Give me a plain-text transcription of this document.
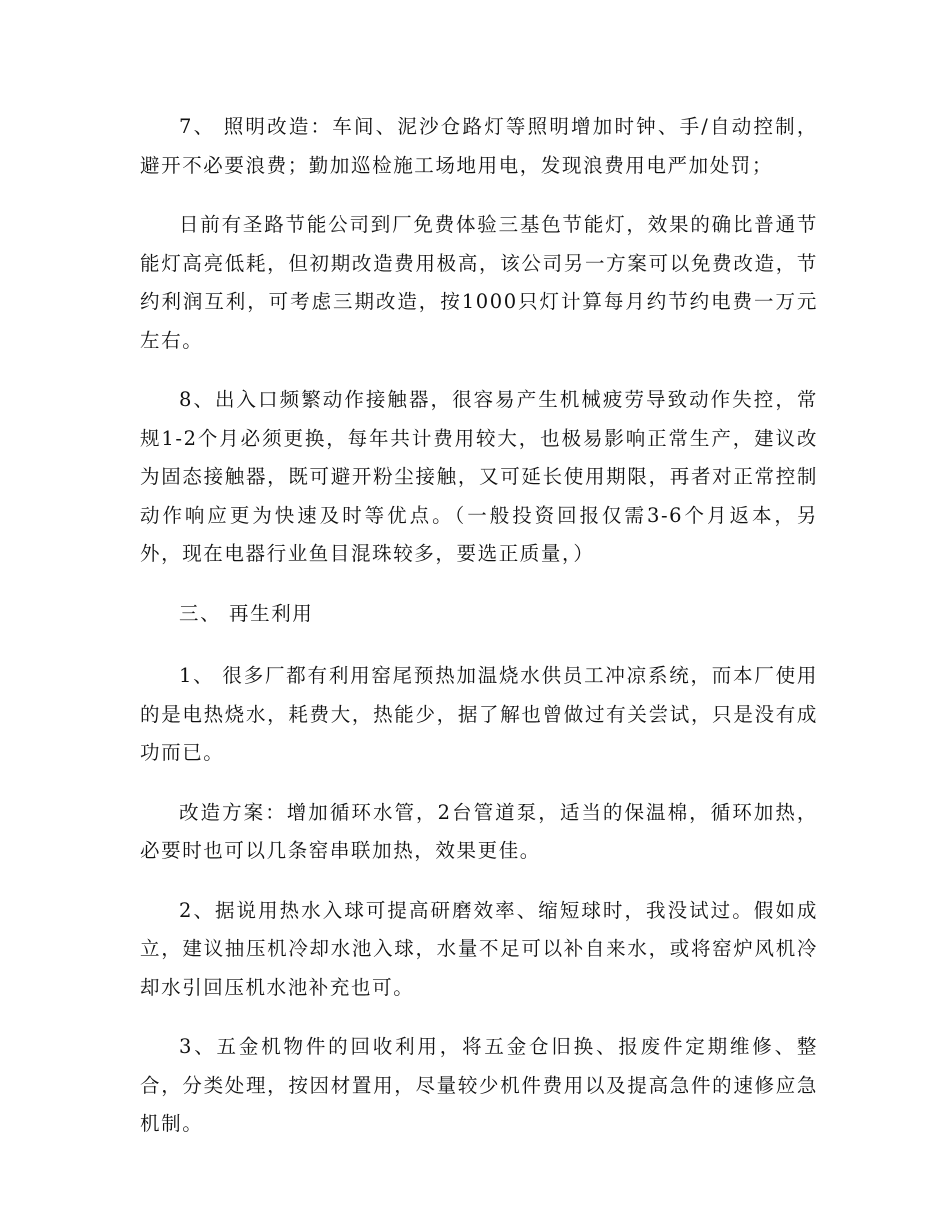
7、 照明改造：车间、泥沙仓路灯等照明增加时钟、手/自动控制，避开不必要浪费；勤加巡检施工场地用电，发现浪费用电严加处罚；

日前有圣路节能公司到厂免费体验三基色节能灯，效果的确比普通节能灯高亮低耗，但初期改造费用极高，该公司另一方案可以免费改造，节约利润互利，可考虑三期改造，按1000只灯计算每月约节约电费一万元左右。

8、出入口频繁动作接触器，很容易产生机械疲劳导致动作失控，常规1-2个月必须更换，每年共计费用较大，也极易影响正常生产，建议改为固态接触器，既可避开粉尘接触，又可延长使用期限，再者对正常控制动作响应更为快速及时等优点。（一般投资回报仅需3-6个月返本，另外，现在电器行业鱼目混珠较多，要选正质量，）

三、 再生利用

1、 很多厂都有利用窑尾预热加温烧水供员工冲凉系统，而本厂使用的是电热烧水，耗费大，热能少，据了解也曾做过有关尝试，只是没有成功而已。

改造方案：增加循环水管，2台管道泵，适当的保温棉，循环加热，必要时也可以几条窑串联加热，效果更佳。

2、据说用热水入球可提高研磨效率、缩短球时，我没试过。假如成立，建议抽压机冷却水池入球，水量不足可以补自来水，或将窑炉风机冷却水引回压机水池补充也可。

3、五金机物件的回收利用，将五金仓旧换、报废件定期维修、整合，分类处理，按因材置用，尽量较少机件费用以及提高急件的速修应急机制。
